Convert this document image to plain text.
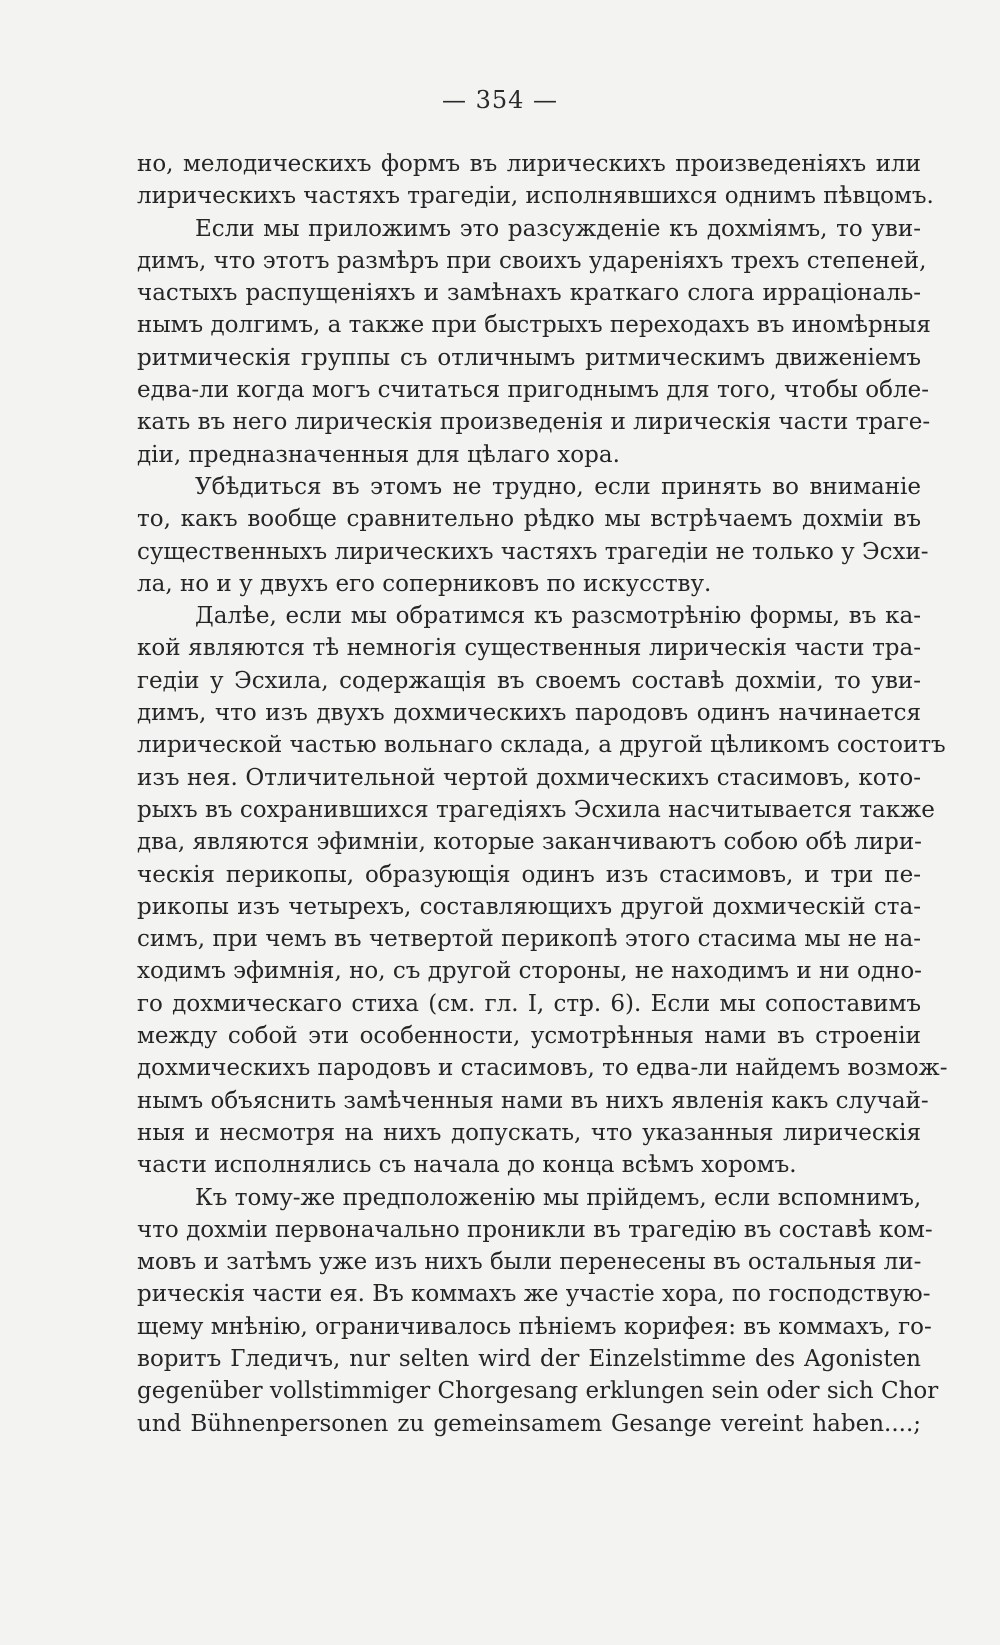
— 354 —
но, мелодическихъ формъ въ лирическихъ произведеніяхъ или
лирическихъ частяхъ трагедіи, исполнявшихся однимъ пѣвцомъ.
Если мы приложимъ это разсужденіе къ дохміямъ, то уви-
димъ, что этотъ размѣръ при своихъ удареніяхъ трехъ степеней,
частыхъ распущеніяхъ и замѣнахъ краткаго слога ирраціональ-
нымъ долгимъ, а также при быстрыхъ переходахъ въ иномѣрныя
ритмическія группы съ отличнымъ ритмическимъ движеніемъ
едва-ли когда могъ считаться пригоднымъ для того, чтобы обле-
кать въ него лирическія произведенія и лирическія части траге-
діи, предназначенныя для цѣлаго хора.
Убѣдиться въ этомъ не трудно, если принять во вниманіе
то, какъ вообще сравнительно рѣдко мы встрѣчаемъ дохміи въ
существенныхъ лирическихъ частяхъ трагедіи не только у Эсхи-
ла, но и у двухъ его соперниковъ по искусству.
Далѣе, если мы обратимся къ разсмотрѣнію формы, въ ка-
кой являются тѣ немногія существенныя лирическія части тра-
гедіи у Эсхила, содержащія въ своемъ составѣ дохміи, то уви-
димъ, что изъ двухъ дохмическихъ пародовъ одинъ начинается
лирической частью вольнаго склада, а другой цѣликомъ состоитъ
изъ нея. Отличительной чертой дохмическихъ стасимовъ, кото-
рыхъ въ сохранившихся трагедіяхъ Эсхила насчитывается также
два, являются эфимніи, которые заканчиваютъ собою обѣ лири-
ческія перикопы, образующія одинъ изъ стасимовъ, и три пе-
рикопы изъ четырехъ, составляющихъ другой дохмическій ста-
симъ, при чемъ въ четвертой перикопѣ этого стасима мы не на-
ходимъ эфимнія, но, съ другой стороны, не находимъ и ни одно-
го дохмическаго стиха (см. гл. I, стр. 6). Если мы сопоставимъ
между собой эти особенности, усмотрѣнныя нами въ строеніи
дохмическихъ пародовъ и стасимовъ, то едва-ли найдемъ возмож-
нымъ объяснить замѣченныя нами въ нихъ явленія какъ случай-
ныя и несмотря на нихъ допускать, что указанныя лирическія
части исполнялись съ начала до конца всѣмъ хоромъ.
Къ тому-же предположенію мы прійдемъ, если вспомнимъ,
что дохміи первоначально проникли въ трагедію въ составѣ ком-
мовъ и затѣмъ уже изъ нихъ были перенесены въ остальныя ли-
рическія части ея. Въ коммахъ же участіе хора, по господствую-
щему мнѣнію, ограничивалось пѣніемъ корифея: въ коммахъ, го-
воритъ Гледичъ, nur selten wird der Einzelstimme des Agonisten
gegenüber vollstimmiger Chorgesang erklungen sein oder sich Chor
und Bühnenpersonen zu gemeinsamem Gesange vereint haben....;
